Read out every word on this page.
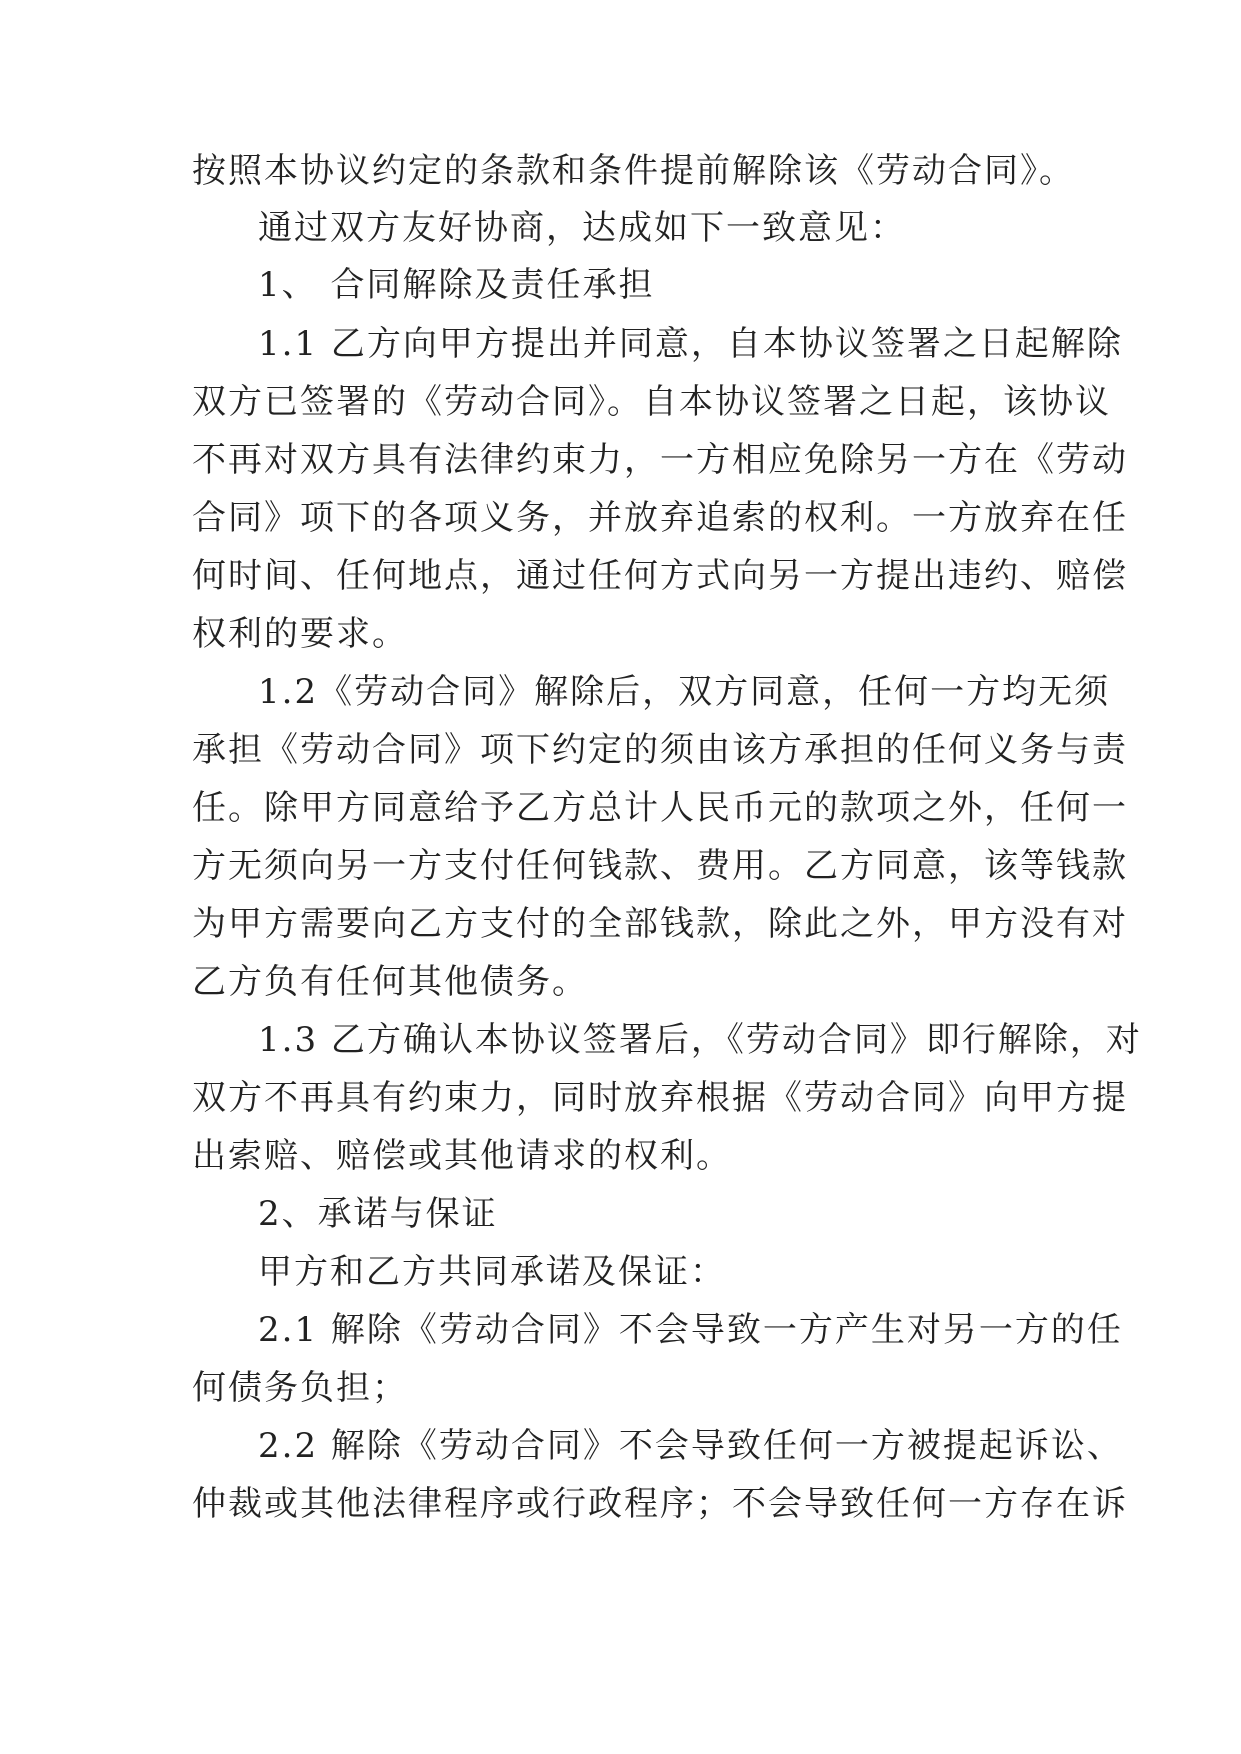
按照本协议约定的条款和条件提前解除该《劳动合同》。
通过双方友好协商，达成如下一致意见：
1、 合同解除及责任承担
1.1 乙方向甲方提出并同意，自本协议签署之日起解除
双方已签署的《劳动合同》。自本协议签署之日起，该协议
不再对双方具有法律约束力，一方相应免除另一方在《劳动
合同》项下的各项义务，并放弃追索的权利。一方放弃在任
何时间、任何地点，通过任何方式向另一方提出违约、赔偿
权利的要求。
1.2《劳动合同》解除后，双方同意，任何一方均无须
承担《劳动合同》项下约定的须由该方承担的任何义务与责
任。除甲方同意给予乙方总计人民币元的款项之外，任何一
方无须向另一方支付任何钱款、费用。乙方同意，该等钱款
为甲方需要向乙方支付的全部钱款，除此之外，甲方没有对
乙方负有任何其他债务。
1.3 乙方确认本协议签署后，《劳动合同》即行解除，对
双方不再具有约束力，同时放弃根据《劳动合同》向甲方提
出索赔、赔偿或其他请求的权利。
2、承诺与保证
甲方和乙方共同承诺及保证：
2.1 解除《劳动合同》不会导致一方产生对另一方的任
何债务负担；
2.2 解除《劳动合同》不会导致任何一方被提起诉讼、
仲裁或其他法律程序或行政程序；不会导致任何一方存在诉
